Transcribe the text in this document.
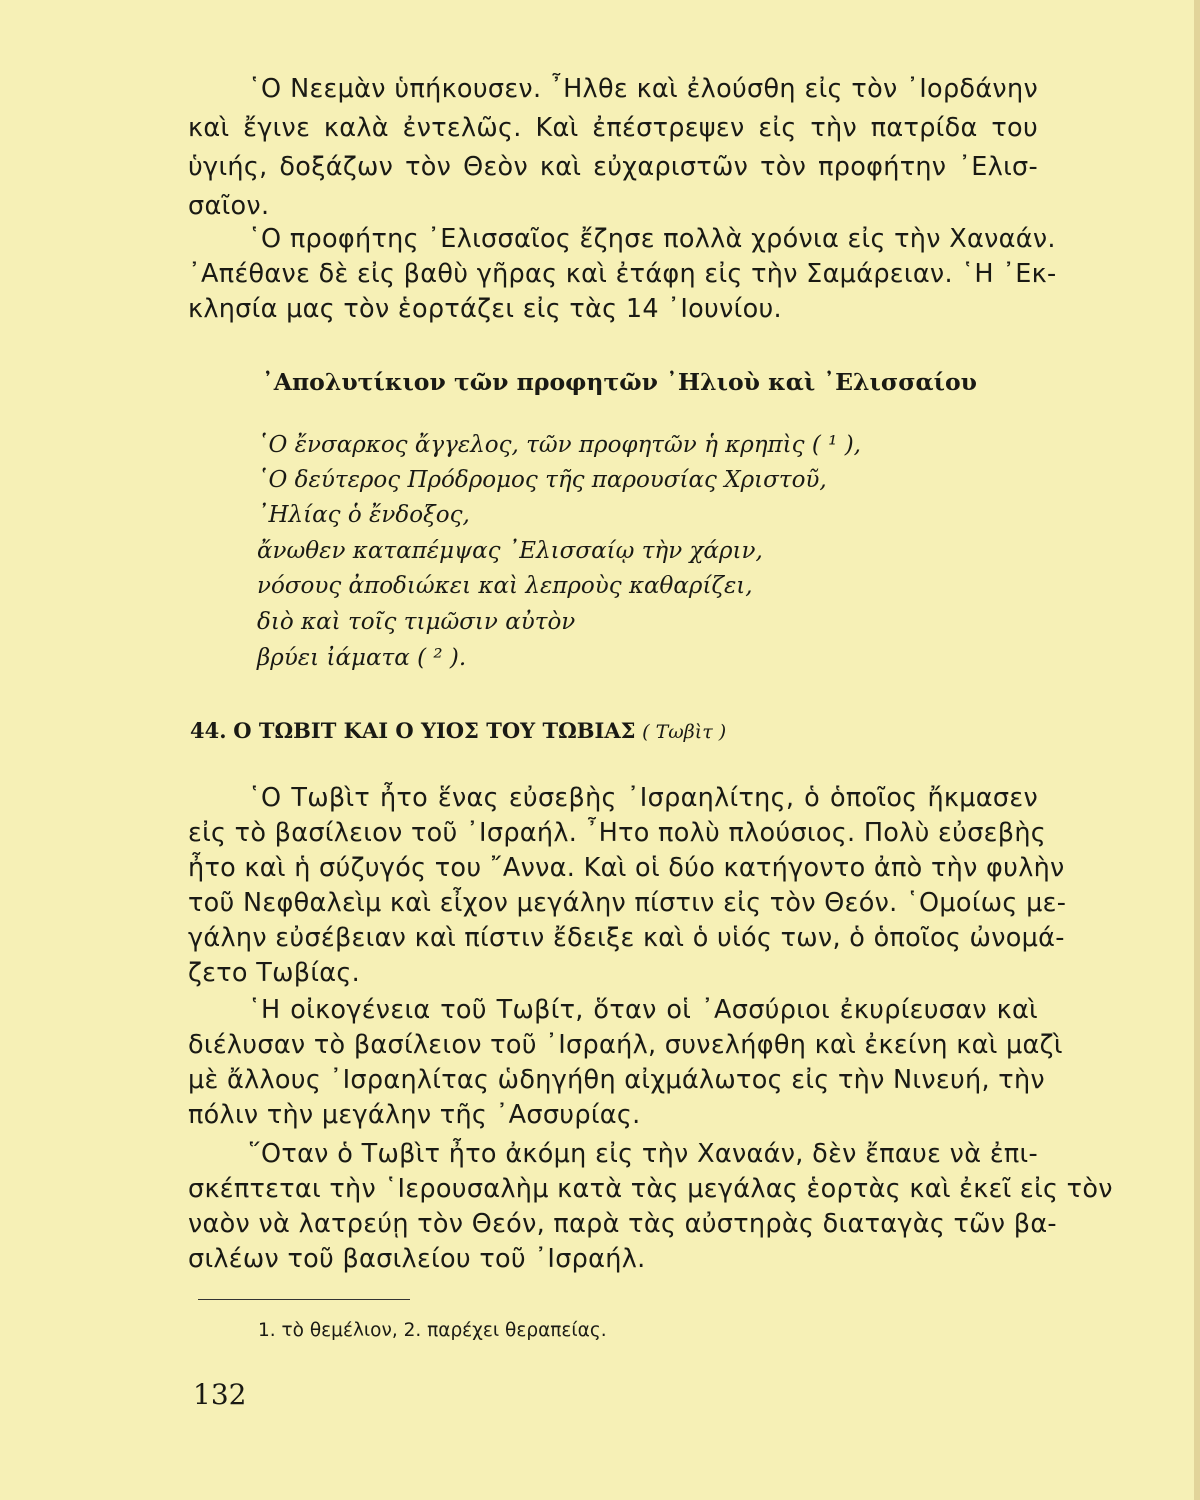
῾Ο Νεεμὰν ὑπήκουσεν. ῏Ηλθε καὶ ἐλούσθη εἰς τὸν ᾿Ιορδάνην
καὶ ἔγινε καλὰ ἐντελῶς. Καὶ ἐπέστρεψεν εἰς τὴν πατρίδα του
ὑγιής, δοξάζων τὸν Θεὸν καὶ εὐχαριστῶν τὸν προφήτην ᾿Ελισ-
σαῖον.
῾Ο προφήτης ᾿Ελισσαῖος ἔζησε πολλὰ χρόνια εἰς τὴν Χαναάν.
᾿Απέθανε δὲ εἰς βαθὺ γῆρας καὶ ἐτάφη εἰς τὴν Σαμάρειαν. ῾Η ᾿Εκ-
κλησία μας τὸν ἑορτάζει εἰς τὰς 14 ᾿Ιουνίου.
᾿Απολυτίκιον τῶν προφητῶν ᾿Ηλιοὺ καὶ ᾿Ελισσαίου
῾Ο ἔνσαρκος ἄγγελος, τῶν προφητῶν ἡ κρηπὶς ( ¹ ),
῾Ο δεύτερος Πρόδρομος τῆς παρουσίας Χριστοῦ,
᾿Ηλίας ὁ ἔνδοξος,
ἄνωθεν καταπέμψας ᾿Ελισσαίῳ τὴν χάριν,
νόσους ἀποδιώκει καὶ λεπροὺς καθαρίζει,
διὸ καὶ τοῖς τιμῶσιν αὐτὸν
βρύει ἰάματα ( ² ).
44. Ο ΤΩΒΙΤ ΚΑΙ Ο ΥΙΟΣ ΤΟΥ ΤΩΒΙΑΣ ( Τωβὶτ )
῾Ο Τωβὶτ ἦτο ἕνας εὐσεβὴς ᾿Ισραηλίτης, ὁ ὁποῖος ἤκμασεν
εἰς τὸ βασίλειον τοῦ ᾿Ισραήλ. ῏Ητο πολὺ πλούσιος. Πολὺ εὐσεβὴς
ἦτο καὶ ἡ σύζυγός του ῎Αννα. Καὶ οἱ δύο κατήγοντο ἀπὸ τὴν φυλὴν
τοῦ Νεφθαλεὶμ καὶ εἶχον μεγάλην πίστιν εἰς τὸν Θεόν. ῾Ομοίως με-
γάλην εὐσέβειαν καὶ πίστιν ἔδειξε καὶ ὁ υἱός των, ὁ ὁποῖος ὠνομά-
ζετο Τωβίας.
῾Η οἰκογένεια τοῦ Τωβίτ, ὅταν οἱ ᾿Ασσύριοι ἐκυρίευσαν καὶ
διέλυσαν τὸ βασίλειον τοῦ ᾿Ισραήλ, συνελήφθη καὶ ἐκείνη καὶ μαζὶ
μὲ ἄλλους ᾿Ισραηλίτας ὡδηγήθη αἰχμάλωτος εἰς τὴν Νινευή, τὴν
πόλιν τὴν μεγάλην τῆς ᾿Ασσυρίας.
῞Οταν ὁ Τωβὶτ ἦτο ἀκόμη εἰς τὴν Χαναάν, δὲν ἔπαυε νὰ ἐπι-
σκέπτεται τὴν ῾Ιερουσαλὴμ κατὰ τὰς μεγάλας ἑορτὰς καὶ ἐκεῖ εἰς τὸν
ναὸν νὰ λατρεύῃ τὸν Θεόν, παρὰ τὰς αὐστηρὰς διαταγὰς τῶν βα-
σιλέων τοῦ βασιλείου τοῦ ᾿Ισραήλ.
1. τὸ θεμέλιον, 2. παρέχει θεραπείας.
132
